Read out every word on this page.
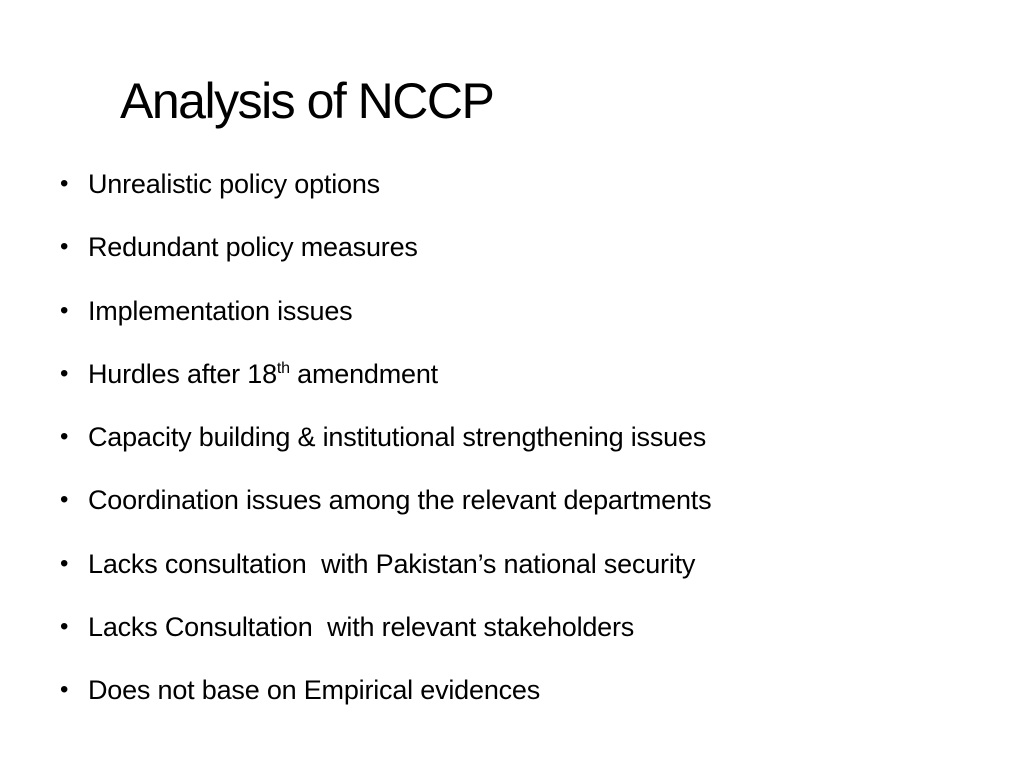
Analysis of NCCP
• Unrealistic policy options
• Redundant policy measures
• Implementation issues
• Hurdles after 18th amendment
• Capacity building & institutional strengthening issues
• Coordination issues among the relevant departments
• Lacks consultation  with Pakistan’s national security
• Lacks Consultation  with relevant stakeholders
• Does not base on Empirical evidences
